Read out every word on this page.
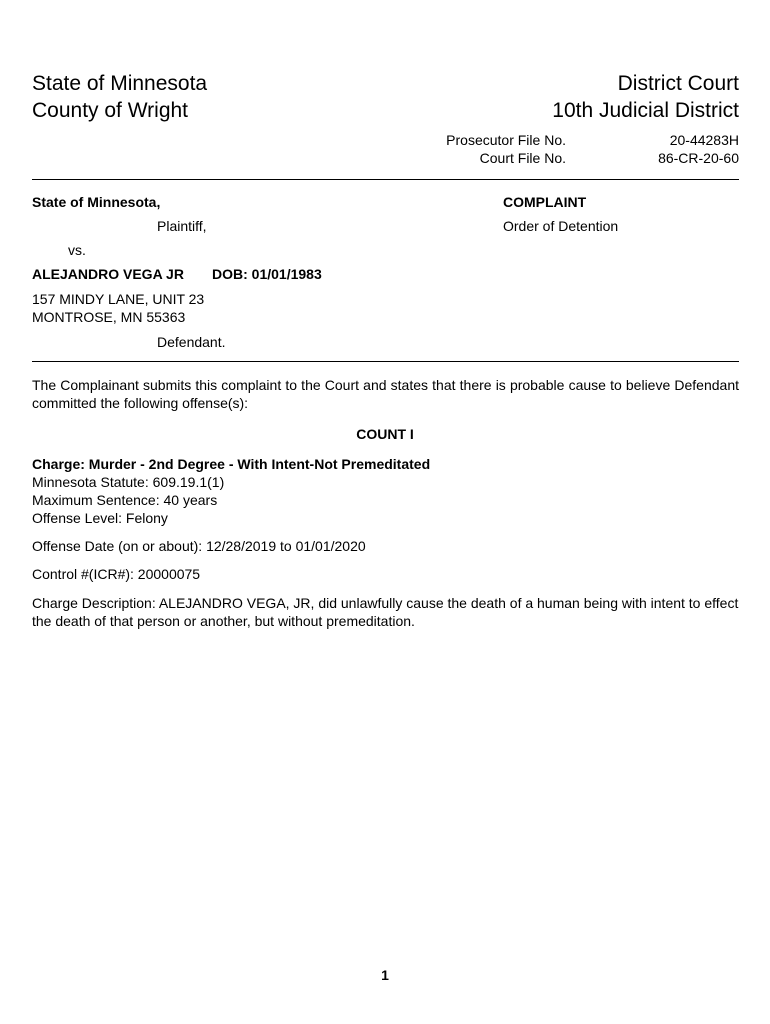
State of Minnesota
County of Wright
District Court
10th Judicial District
Prosecutor File No.	20-44283H
Court File No.	86-CR-20-60
State of Minnesota,
Plaintiff,
vs.
ALEJANDRO VEGA JR DOB: 01/01/1983
157 MINDY LANE, UNIT 23
MONTROSE, MN 55363
Defendant.
COMPLAINT
Order of Detention
The Complainant submits this complaint to the Court and states that there is probable cause to believe Defendant committed the following offense(s):
COUNT I
Charge: Murder - 2nd Degree - With Intent-Not Premeditated
Minnesota Statute: 609.19.1(1)
Maximum Sentence: 40 years
Offense Level: Felony
Offense Date (on or about): 12/28/2019 to 01/01/2020
Control #(ICR#): 20000075
Charge Description: ALEJANDRO VEGA, JR, did unlawfully cause the death of a human being with intent to effect the death of that person or another, but without premeditation.
1
